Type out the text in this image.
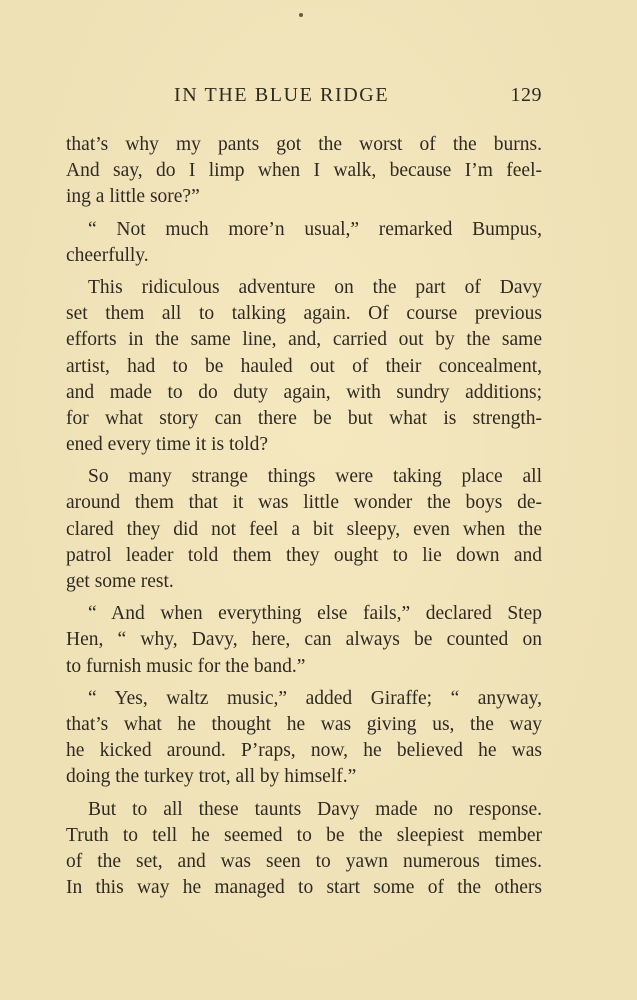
IN THE BLUE RIDGE	129
that’s why my pants got the worst of the burns.
And say, do I limp when I walk, because I’m feel-
ing a little sore?”
“ Not much more’n usual,” remarked Bumpus,
cheerfully.
This ridiculous adventure on the part of Davy
set them all to talking again. Of course previous
efforts in the same line, and, carried out by the same
artist, had to be hauled out of their concealment,
and made to do duty again, with sundry additions;
for what story can there be but what is strength-
ened every time it is told?
So many strange things were taking place all
around them that it was little wonder the boys de-
clared they did not feel a bit sleepy, even when the
patrol leader told them they ought to lie down and
get some rest.
“ And when everything else fails,” declared Step
Hen, “ why, Davy, here, can always be counted on
to furnish music for the band.”
“ Yes, waltz music,” added Giraffe; “ anyway,
that’s what he thought he was giving us, the way
he kicked around. P’raps, now, he believed he was
doing the turkey trot, all by himself.”
But to all these taunts Davy made no response.
Truth to tell he seemed to be the sleepiest member
of the set, and was seen to yawn numerous times.
In this way he managed to start some of the others
